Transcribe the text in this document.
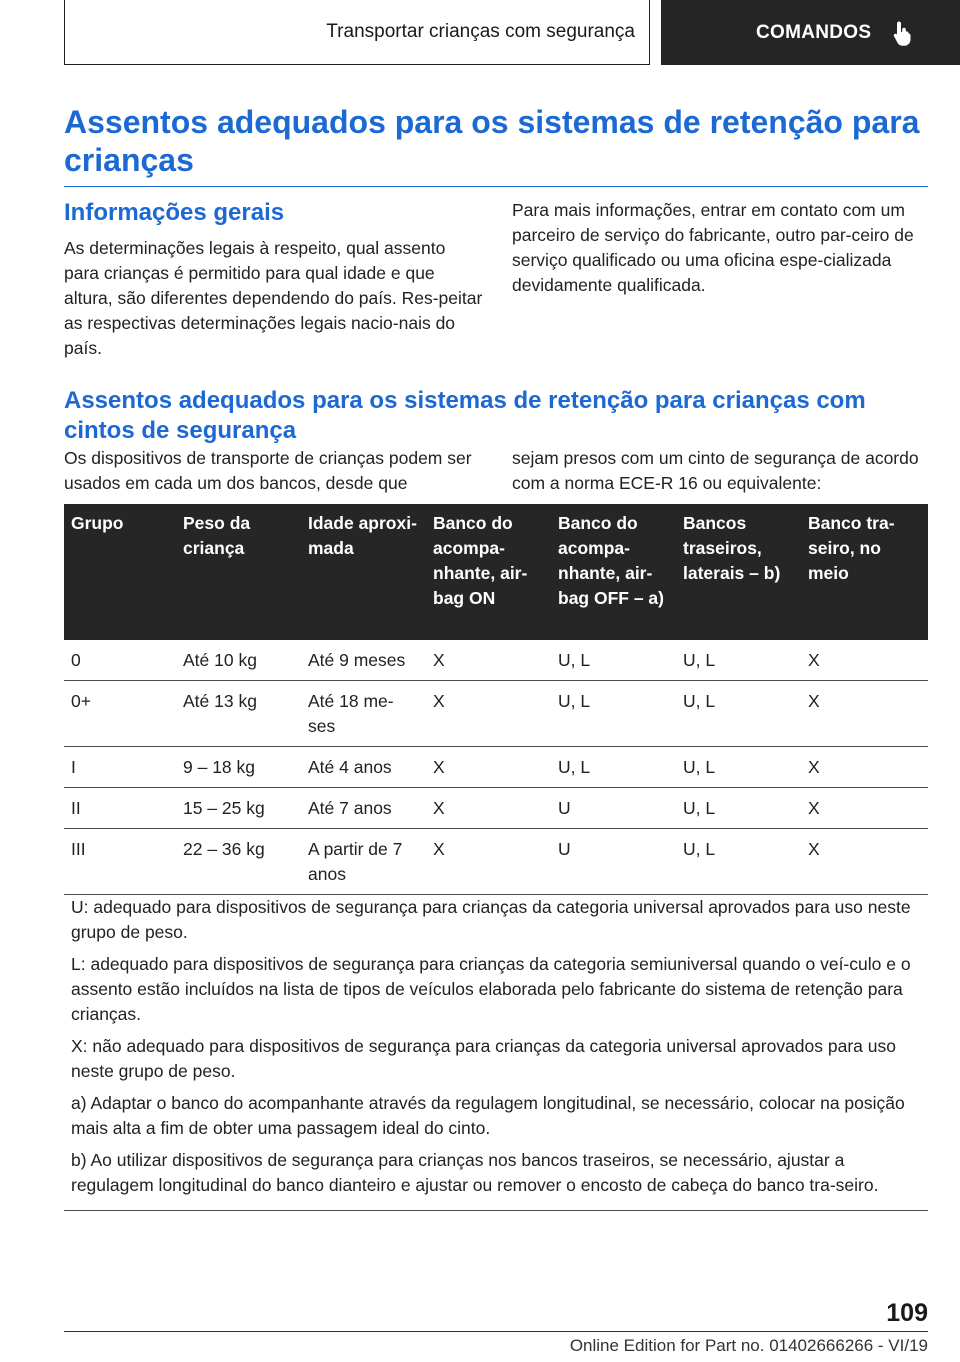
Transportar crianças com segurança	COMANDOS
Assentos adequados para os sistemas de retenção para crianças
Informações gerais

As determinações legais à respeito, qual assento para crianças é permitido para qual idade e que altura, são diferentes dependendo do país. Res-peitar as respectivas determinações legais nacio-nais do país.

Para mais informações, entrar em contato com um parceiro de serviço do fabricante, outro par-ceiro de serviço qualificado ou uma oficina espe-cializada devidamente qualificada.

Assentos adequados para os sistemas de retenção para crianças com cintos de segurança

Os dispositivos de transporte de crianças podem ser usados em cada um dos bancos, desde que

sejam presos com um cinto de segurança de acordo com a norma ECE-R 16 ou equivalente:

Grupo	Peso da criança	Idade aproxi-mada	Banco do acompa-nhante, air-bag ON	Banco do acompa-nhante, air-bag OFF – a)	Bancos traseiros, laterais – b)	Banco tra-seiro, no meio
0	Até 10 kg	Até 9 meses	X	U, L	U, L	X
0+	Até 13 kg	Até 18 me-ses	X	U, L	U, L	X
I	9 – 18 kg	Até 4 anos	X	U, L	U, L	X
II	15 – 25 kg	Até 7 anos	X	U	U, L	X
III	22 – 36 kg	A partir de 7 anos	X	U	U, L	X

U: adequado para dispositivos de segurança para crianças da categoria universal aprovados para uso neste grupo de peso.

L: adequado para dispositivos de segurança para crianças da categoria semiuniversal quando o veí-culo e o assento estão incluídos na lista de tipos de veículos elaborada pelo fabricante do sistema de retenção para crianças.

X: não adequado para dispositivos de segurança para crianças da categoria universal aprovados para uso neste grupo de peso.

a) Adaptar o banco do acompanhante através da regulagem longitudinal, se necessário, colocar na posição mais alta a fim de obter uma passagem ideal do cinto.

b) Ao utilizar dispositivos de segurança para crianças nos bancos traseiros, se necessário, ajustar a regulagem longitudinal do banco dianteiro e ajustar ou remover o encosto de cabeça do banco tra-seiro.

109
Online Edition for Part no. 01402666266 - VI/19
